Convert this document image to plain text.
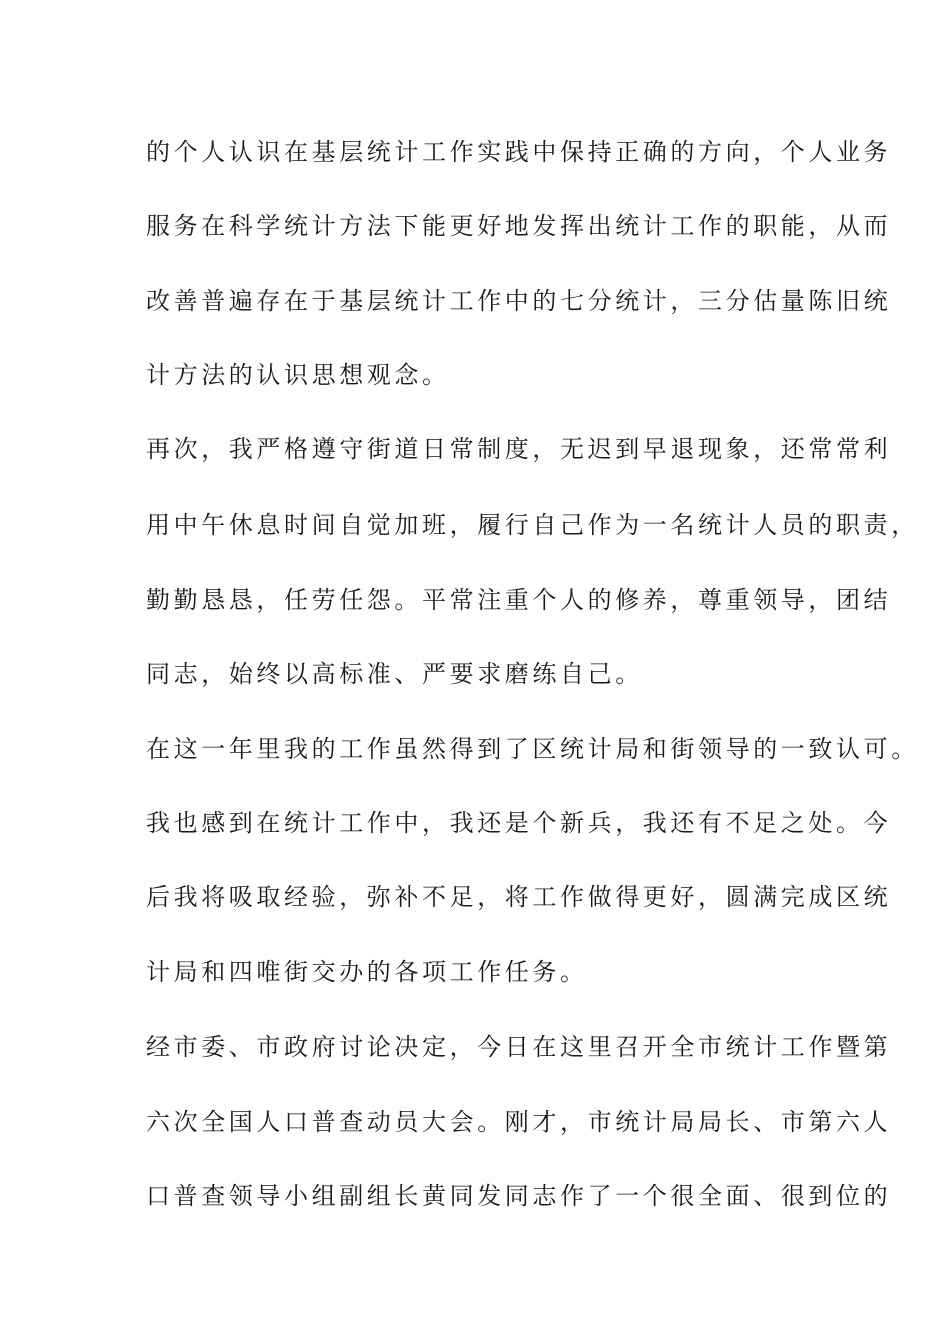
的个人认识在基层统计工作实践中保持正确的方向，个人业务
服务在科学统计方法下能更好地发挥出统计工作的职能，从而
改善普遍存在于基层统计工作中的七分统计，三分估量陈旧统
计方法的认识思想观念。
再次，我严格遵守街道日常制度，无迟到早退现象，还常常利
用中午休息时间自觉加班，履行自己作为一名统计人员的职责，
勤勤恳恳，任劳任怨。平常注重个人的修养，尊重领导，团结
同志，始终以高标准、严要求磨练自己。
在这一年里我的工作虽然得到了区统计局和街领导的一致认可。
我也感到在统计工作中，我还是个新兵，我还有不足之处。今
后我将吸取经验，弥补不足，将工作做得更好，圆满完成区统
计局和四唯街交办的各项工作任务。
经市委、市政府讨论决定，今日在这里召开全市统计工作暨第
六次全国人口普查动员大会。刚才，市统计局局长、市第六人
口普查领导小组副组长黄同发同志作了一个很全面、很到位的
